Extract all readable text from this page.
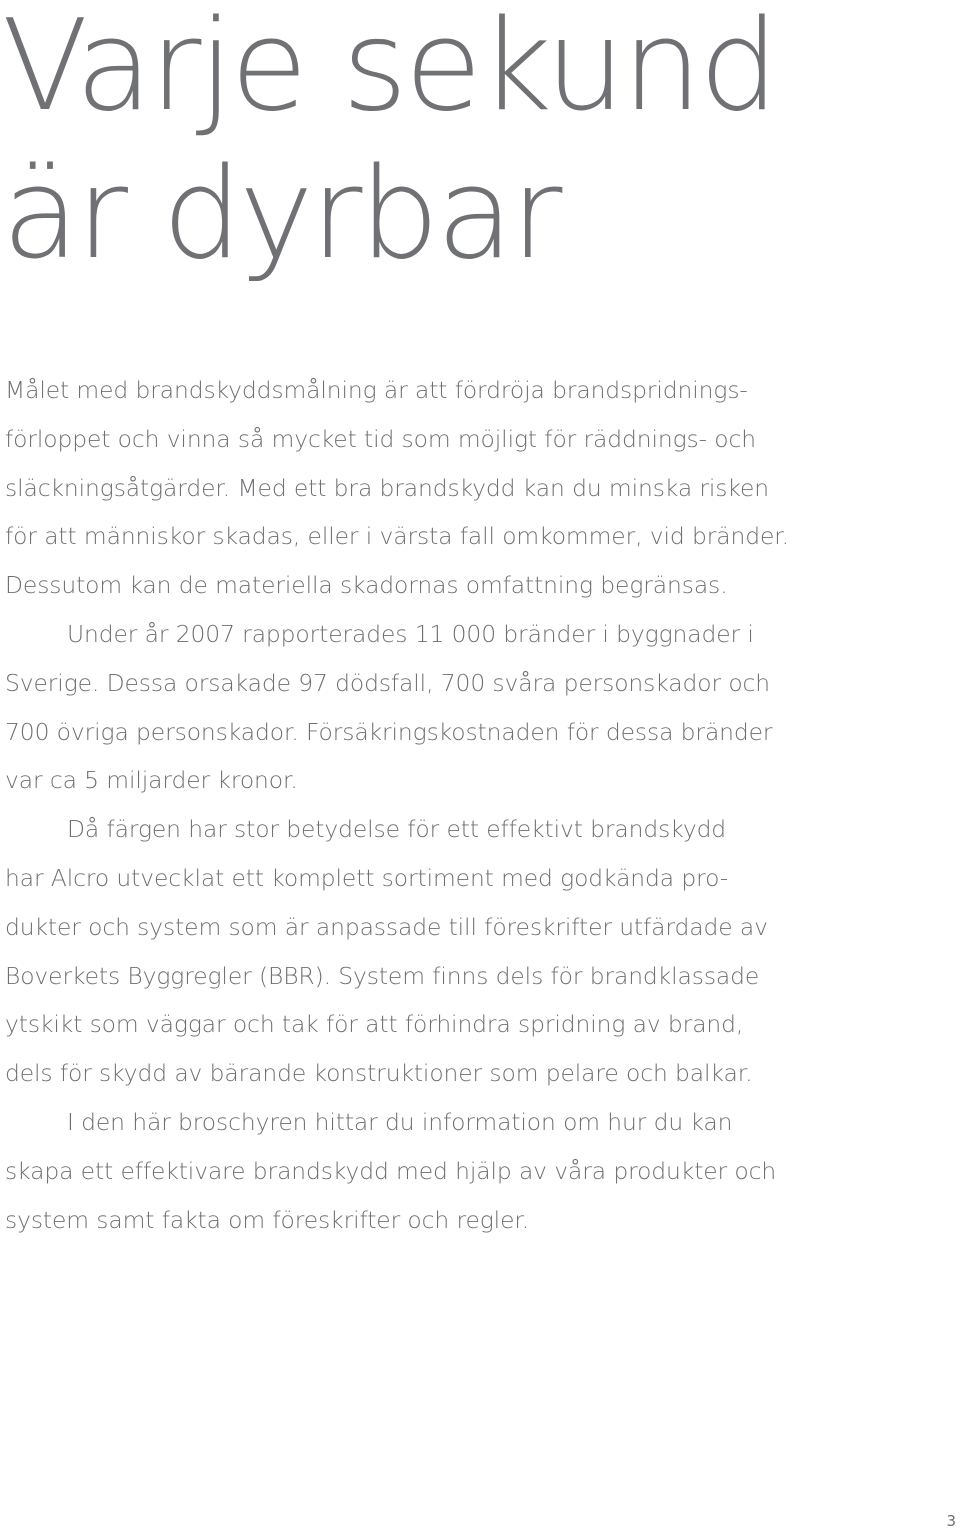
Varje sekund
är dyrbar
Målet med brandskyddsmålning är att fördröja brandspridnings-
förloppet och vinna så mycket tid som möjligt för räddnings- och
släckningsåtgärder. Med ett bra brandskydd kan du minska risken
för att människor skadas, eller i värsta fall omkommer, vid bränder.
Dessutom kan de materiella skadornas omfattning begränsas.
Under år 2007 rapporterades 11 000 bränder i byggnader i
Sverige. Dessa orsakade 97 dödsfall, 700 svåra personskador och
700 övriga personskador. Försäkringskostnaden för dessa bränder
var ca 5 miljarder kronor.
Då färgen har stor betydelse för ett effektivt brandskydd
har Alcro utvecklat ett komplett sortiment med godkända pro-
dukter och system som är anpassade till föreskrifter utfärdade av
Boverkets Byggregler (BBR). System finns dels för brandklassade
ytskikt som väggar och tak för att förhindra spridning av brand,
dels för skydd av bärande konstruktioner som pelare och balkar.
I den här broschyren hittar du information om hur du kan
skapa ett effektivare brandskydd med hjälp av våra produkter och
system samt fakta om föreskrifter och regler.
3
